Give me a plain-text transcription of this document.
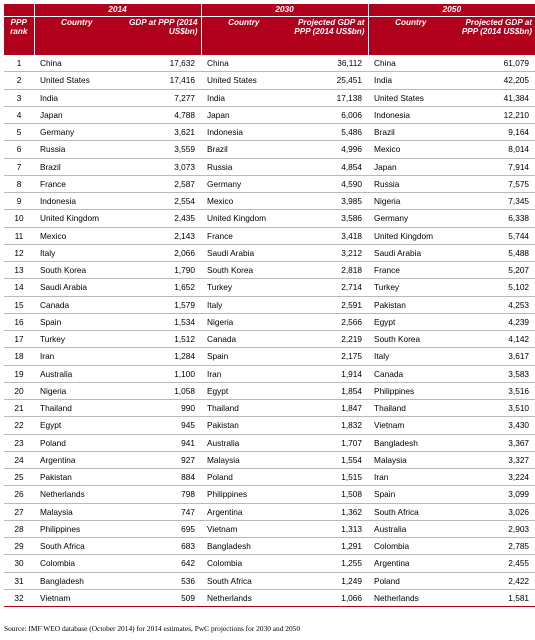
	2014		2030		2050	
PPP rank	Country	GDP at PPP (2014 US$bn)	Country	Projected GDP at PPP (2014 US$bn)	Country	Projected GDP at PPP (2014 US$bn)
1	China	17,632	China	36,112	China	61,079
2	United States	17,416	United States	25,451	India	42,205
3	India	7,277	India	17,138	United States	41,384
4	Japan	4,788	Japan	6,006	Indonesia	12,210
5	Germany	3,621	Indonesia	5,486	Brazil	9,164
6	Russia	3,559	Brazil	4,996	Mexico	8,014
7	Brazil	3,073	Russia	4,854	Japan	7,914
8	France	2,587	Germany	4,590	Russia	7,575
9	Indonesia	2,554	Mexico	3,985	Nigeria	7,345
10	United Kingdom	2,435	United Kingdom	3,586	Germany	6,338
11	Mexico	2,143	France	3,418	United Kingdom	5,744
12	Italy	2,066	Saudi Arabia	3,212	Saudi Arabia	5,488
13	South Korea	1,790	South Korea	2,818	France	5,207
14	Saudi Arabia	1,652	Turkey	2,714	Turkey	5,102
15	Canada	1,579	Italy	2,591	Pakistan	4,253
16	Spain	1,534	Nigeria	2,566	Egypt	4,239
17	Turkey	1,512	Canada	2,219	South Korea	4,142
18	Iran	1,284	Spain	2,175	Italy	3,617
19	Australia	1,100	Iran	1,914	Canada	3,583
20	Nigeria	1,058	Egypt	1,854	Philippines	3,516
21	Thailand	990	Thailand	1,847	Thailand	3,510
22	Egypt	945	Pakistan	1,832	Vietnam	3,430
23	Poland	941	Australia	1,707	Bangladesh	3,367
24	Argentina	927	Malaysia	1,554	Malaysia	3,327
25	Pakistan	884	Poland	1,515	Iran	3,224
26	Netherlands	798	Philippines	1,508	Spain	3,099
27	Malaysia	747	Argentina	1,362	South Africa	3,026
28	Philippines	695	Vietnam	1,313	Australia	2,903
29	South Africa	683	Bangladesh	1,291	Colombia	2,785
30	Colombia	642	Colombia	1,255	Argentina	2,455
31	Bangladesh	536	South Africa	1,249	Poland	2,422
32	Vietnam	509	Netherlands	1,066	Netherlands	1,581
Source: IMF WEO database (October 2014) for 2014 estimates, PwC projections for 2030 and 2050
